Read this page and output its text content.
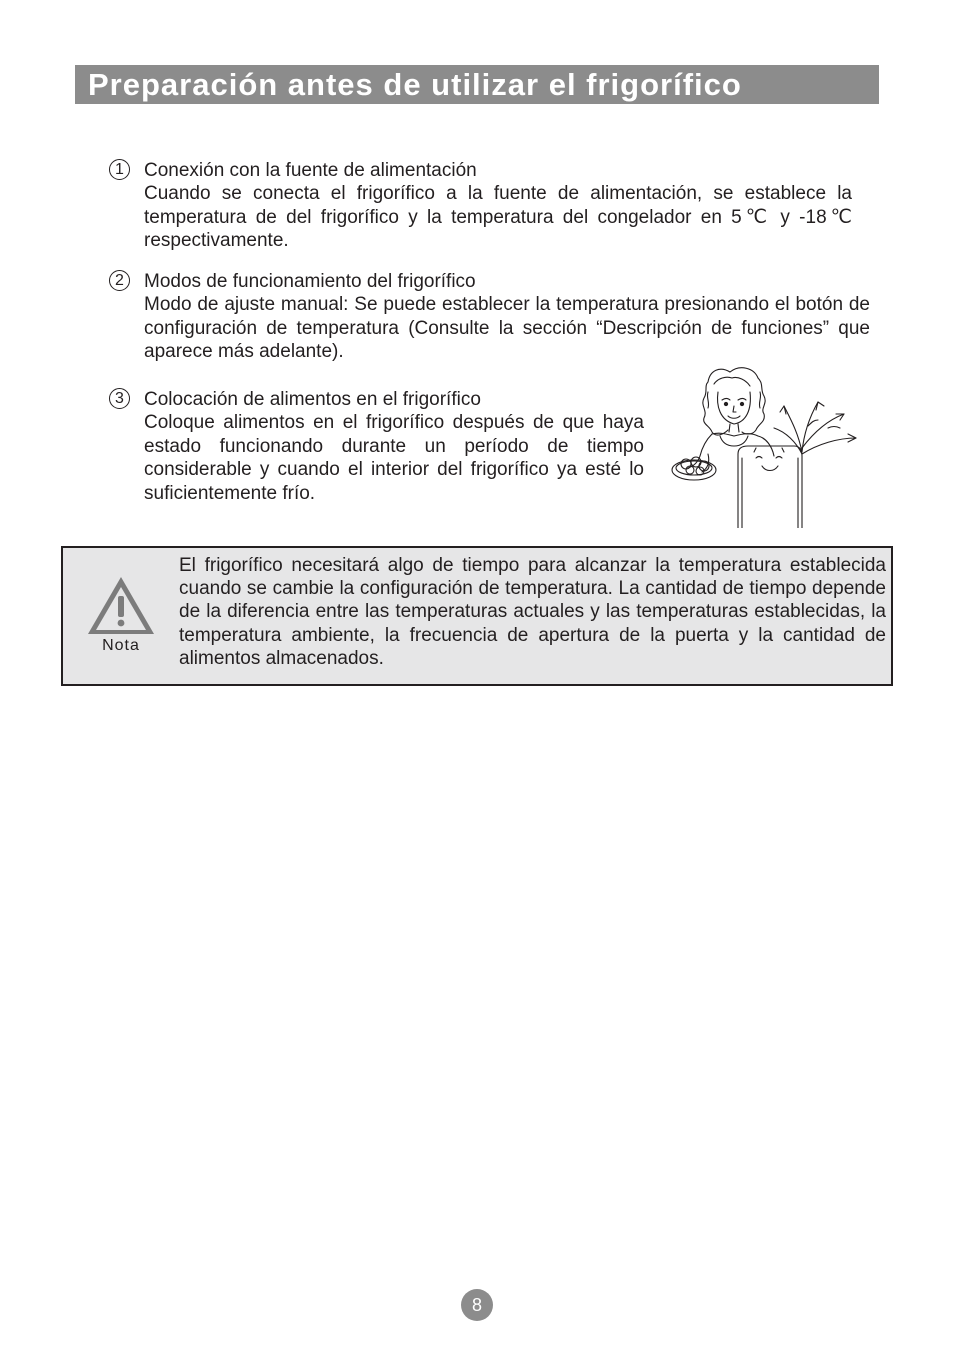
Preparación antes de utilizar el frigorífico
1	Conexión con la fuente de alimentación
Cuando se conecta el frigorífico a la fuente de alimentación, se establece la temperatura de del frigorífico y la temperatura del congelador en 5℃ y -18℃ respectivamente.
2	Modos de funcionamiento del frigorífico
Modo de ajuste manual: Se puede establecer la temperatura presionando el botón de configuración de temperatura (Consulte la sección “Descripción de funciones” que aparece más adelante).
3	Colocación de alimentos en el frigorífico
Coloque alimentos en el frigorífico después de que haya estado funcionando durante un período de tiempo considerable y cuando el interior del frigorífico ya esté lo suficientemente frío.
Nota
El frigorífico necesitará algo de tiempo para alcanzar la temperatura establecida cuando se cambie la configuración de temperatura. La cantidad de tiempo depende de la diferencia entre las temperaturas actuales y las temperaturas establecidas, la temperatura ambiente, la frecuencia de apertura de la puerta y la cantidad de alimentos almacenados.
8
